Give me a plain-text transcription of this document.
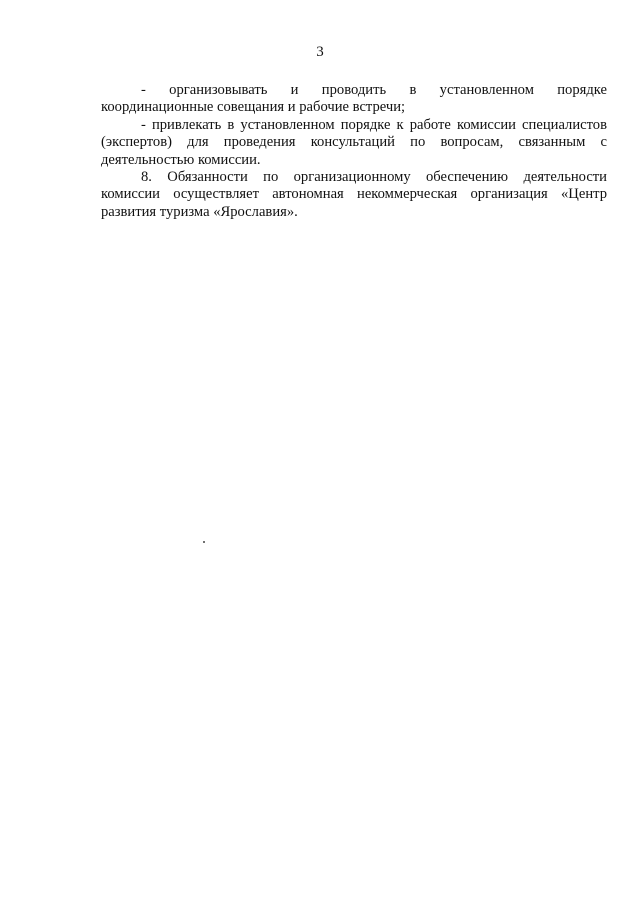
3
- организовывать и проводить в установленном порядке

координационные совещания и рабочие встречи;

- привлекать в установленном порядке к работе комиссии специалистов

(экспертов) для проведения консультаций по вопросам, связанным с деятельностью комиссии.

8. Обязанности по организационному обеспечению деятельности

комиссии осуществляет автономная некоммерческая организация «Центр развития туризма «Ярославия».
